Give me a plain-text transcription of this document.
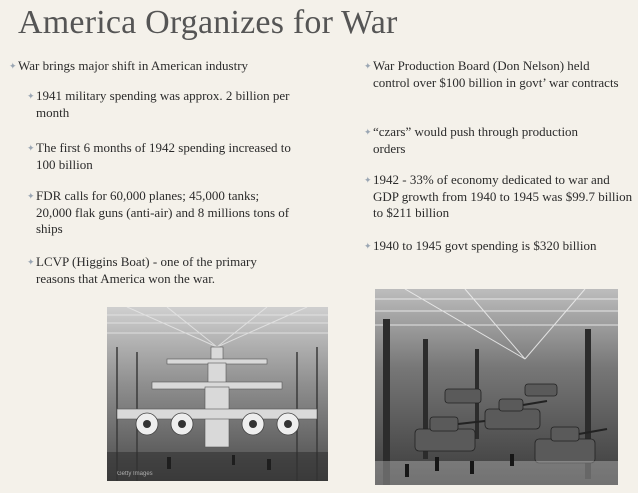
America Organizes for War
✦ War brings major shift in American industry
✦ 1941 military spending was approx. 2 billion per month
✦ The first 6 months of 1942 spending increased to 100 billion
✦ FDR calls for 60,000 planes; 45,000 tanks; 20,000 flak guns (anti-air) and 8 millions tons of ships
✦ LCVP (Higgins Boat) - one of the primary reasons that America won the war.
✦ War Production Board (Don Nelson) held control over $100 billion in govt’ war contracts
✦ “czars” would push through production orders
✦ 1942 - 33% of economy dedicated to war and GDP growth from 1940 to 1945 was $99.7 billion to $211 billion
✦ 1940 to 1945 govt spending is $320 billion
Getty Images
